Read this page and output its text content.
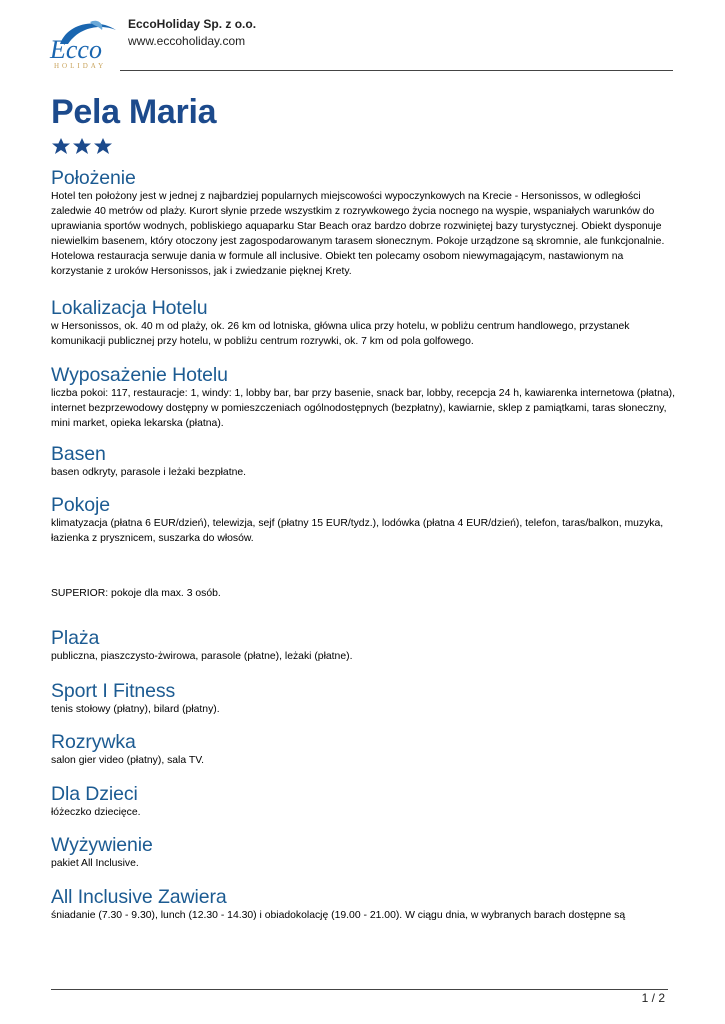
Ecco
HOLIDAY
EccoHoliday Sp. z o.o.
www.eccoholiday.com
Pela Maria
Położenie

Hotel ten położony jest w jednej z najbardziej popularnych miejscowości wypoczynkowych na Krecie - Hersonissos, w odległości zaledwie 40 metrów od plaży. Kurort słynie przede wszystkim z rozrywkowego życia nocnego na wyspie, wspaniałych warunków do uprawiania sportów wodnych, pobliskiego aquaparku Star Beach oraz bardzo dobrze rozwiniętej bazy turystycznej. Obiekt dysponuje niewielkim basenem, który otoczony jest zagospodarowanym tarasem słonecznym. Pokoje urządzone są skromnie, ale funkcjonalnie. Hotelowa restauracja serwuje dania w formule all inclusive. Obiekt ten polecamy osobom niewymagającym, nastawionym na korzystanie z uroków Hersonissos, jak i zwiedzanie pięknej Krety.

Lokalizacja Hotelu

w Hersonissos, ok. 40 m od plaży, ok. 26 km od lotniska, główna ulica przy hotelu, w pobliżu centrum handlowego, przystanek komunikacji publicznej przy hotelu, w pobliżu centrum rozrywki, ok. 7 km od pola golfowego.

Wyposażenie Hotelu

liczba pokoi: 117, restauracje: 1, windy: 1, lobby bar, bar przy basenie, snack bar, lobby, recepcja 24 h, kawiarenka internetowa (płatna), internet bezprzewodowy dostępny w pomieszczeniach ogólnodostępnych (bezpłatny), kawiarnie, sklep z pamiątkami, taras słoneczny, mini market, opieka lekarska (płatna).

Basen

basen odkryty, parasole i leżaki bezpłatne.

Pokoje

klimatyzacja (płatna 6 EUR/dzień), telewizja, sejf (płatny 15 EUR/tydz.), lodówka (płatna 4 EUR/dzień), telefon, taras/balkon, muzyka, łazienka z prysznicem, suszarka do włosów.

SUPERIOR: pokoje dla max. 3 osób.

Plaża

publiczna, piaszczysto-żwirowa, parasole (płatne), leżaki (płatne).

Sport I Fitness

tenis stołowy (płatny), bilard (płatny).

Rozrywka

salon gier video (płatny), sala TV.

Dla Dzieci

łóżeczko dziecięce.

Wyżywienie

pakiet All Inclusive.

All Inclusive Zawiera

śniadanie (7.30 - 9.30), lunch (12.30 - 14.30) i obiadokolację (19.00 - 21.00). W ciągu dnia, w wybranych barach dostępne są

1 / 2
